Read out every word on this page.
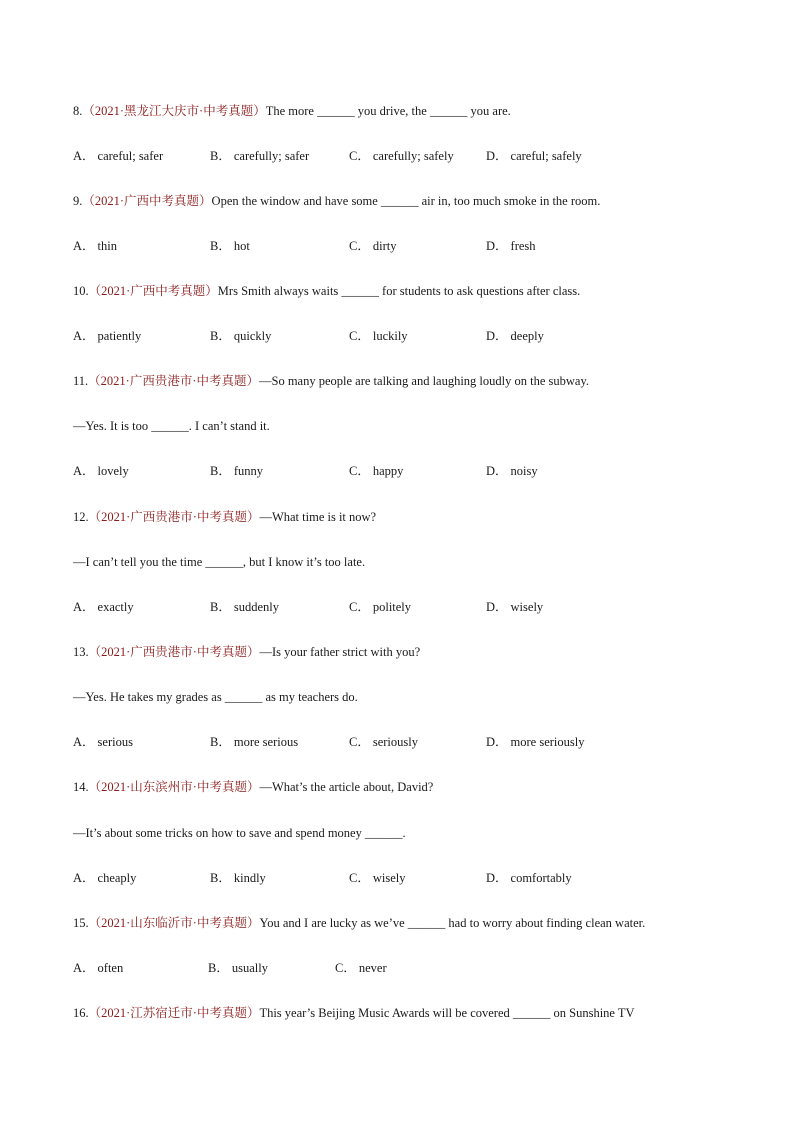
8.（2021·黑龙江大庆市·中考真题）The more ______ you drive, the ______ you are.
A． careful; safer	B． carefully; safer	C． carefully; safely	D． careful; safely
9.（2021·广西中考真题）Open the window and have some ______ air in, too much smoke in the room.
A． thin	B． hot	C． dirty	D． fresh
10.（2021·广西中考真题）Mrs Smith always waits ______ for students to ask questions after class.
A． patiently	B． quickly	C． luckily	D． deeply
11.（2021·广西贵港市·中考真题）—So many people are talking and laughing loudly on the subway.
—Yes. It is too ______. I can’t stand it.
A． lovely	B． funny	C． happy	D． noisy
12.（2021·广西贵港市·中考真题）—What time is it now?
—I can’t tell you the time ______, but I know it’s too late.
A． exactly	B． suddenly	C． politely	D． wisely
13.（2021·广西贵港市·中考真题）—Is your father strict with you?
—Yes. He takes my grades as ______ as my teachers do.
A． serious	B． more serious	C． seriously	D． more seriously
14.（2021·山东滨州市·中考真题）—What’s the article about, David?
—It’s about some tricks on how to save and spend money ______.
A． cheaply	B． kindly	C． wisely	D． comfortably
15.（2021·山东临沂市·中考真题）You and I are lucky as we’ve ______ had to worry about finding clean water.
A． often	B． usually	C． never
16.（2021·江苏宿迁市·中考真题）This year’s Beijing Music Awards will be covered ______ on Sunshine TV
